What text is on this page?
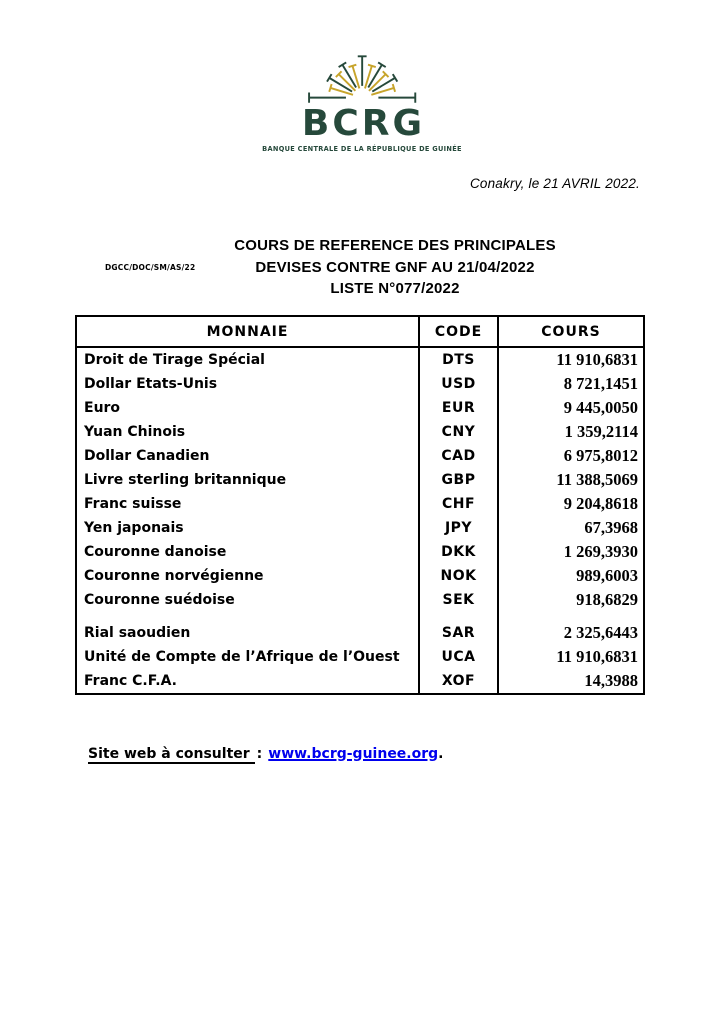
BCRG
BANQUE CENTRALE DE LA RÉPUBLIQUE DE GUINÉE
Conakry, le 21 AVRIL 2022.
DGCC/DOC/SM/AS/22
COURS DE REFERENCE DES PRINCIPALES
DEVISES CONTRE GNF AU 21/04/2022
LISTE N°077/2022
MONNAIE	CODE	COURS
Droit de Tirage Spécial	DTS	11 910,6831
Dollar Etats-Unis	USD	8 721,1451
Euro	EUR	9 445,0050
Yuan Chinois	CNY	1 359,2114
Dollar Canadien	CAD	6 975,8012
Livre sterling britannique	GBP	11 388,5069
Franc suisse	CHF	9 204,8618
Yen japonais	JPY	67,3968
Couronne danoise	DKK	1 269,3930
Couronne norvégienne	NOK	989,6003
Couronne suédoise	SEK	918,6829
Rial saoudien	SAR	2 325,6443
Unité de Compte de l’Afrique de l’Ouest	UCA	11 910,6831
Franc C.F.A.	XOF	14,3988
Site web à consulter : www.bcrg-guinee.org .
